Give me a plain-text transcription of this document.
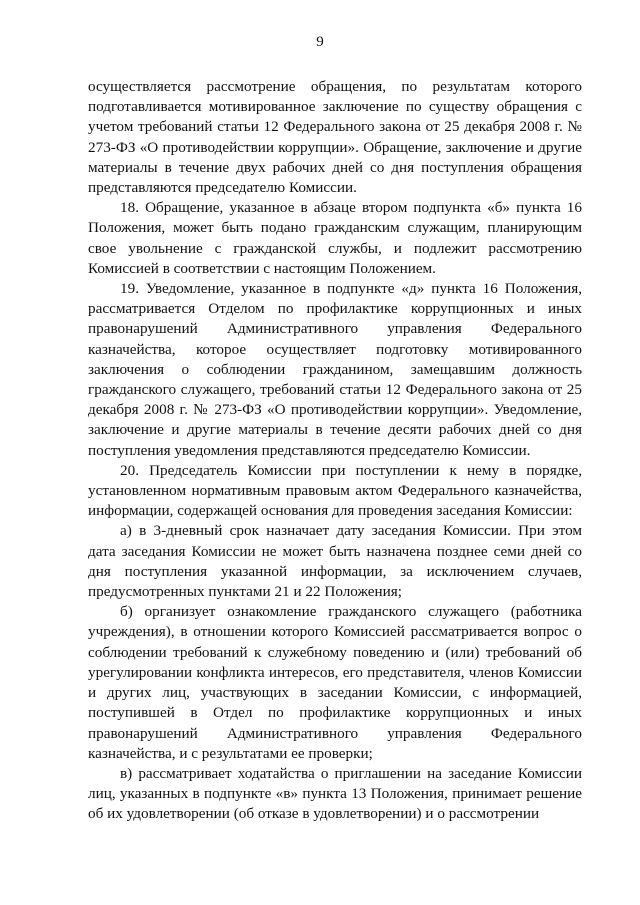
9

осуществляется рассмотрение обращения, по результатам которого подготавливается мотивированное заключение по существу обращения с учетом требований статьи 12 Федерального закона от 25 декабря 2008 г. № 273-ФЗ «О противодействии коррупции». Обращение, заключение и другие материалы в течение двух рабочих дней со дня поступления обращения представляются председателю Комиссии.

18. Обращение, указанное в абзаце втором подпункта «б» пункта 16 Положения, может быть подано гражданским служащим, планирующим свое увольнение с гражданской службы, и подлежит рассмотрению Комиссией в соответствии с настоящим Положением.

19. Уведомление, указанное в подпункте «д» пункта 16 Положения, рассматривается Отделом по профилактике коррупционных и иных правонарушений Административного управления Федерального казначейства, которое осуществляет подготовку мотивированного заключения о соблюдении гражданином, замещавшим должность гражданского служащего, требований статьи 12 Федерального закона от 25 декабря 2008 г. № 273-ФЗ «О противодействии коррупции». Уведомление, заключение и другие материалы в течение десяти рабочих дней со дня поступления уведомления представляются председателю Комиссии.

20. Председатель Комиссии при поступлении к нему в порядке, установленном нормативным правовым актом Федерального казначейства, информации, содержащей основания для проведения заседания Комиссии:

а) в 3-дневный срок назначает дату заседания Комиссии. При этом дата заседания Комиссии не может быть назначена позднее семи дней со дня поступления указанной информации, за исключением случаев, предусмотренных пунктами 21 и 22 Положения;

б) организует ознакомление гражданского служащего (работника учреждения), в отношении которого Комиссией рассматривается вопрос о соблюдении требований к служебному поведению и (или) требований об урегулировании конфликта интересов, его представителя, членов Комиссии и других лиц, участвующих в заседании Комиссии, с информацией, поступившей в Отдел по профилактике коррупционных и иных правонарушений Административного управления Федерального казначейства, и с результатами ее проверки;

в) рассматривает ходатайства о приглашении на заседание Комиссии лиц, указанных в подпункте «в» пункта 13 Положения, принимает решение об их удовлетворении (об отказе в удовлетворении) и о рассмотрении
